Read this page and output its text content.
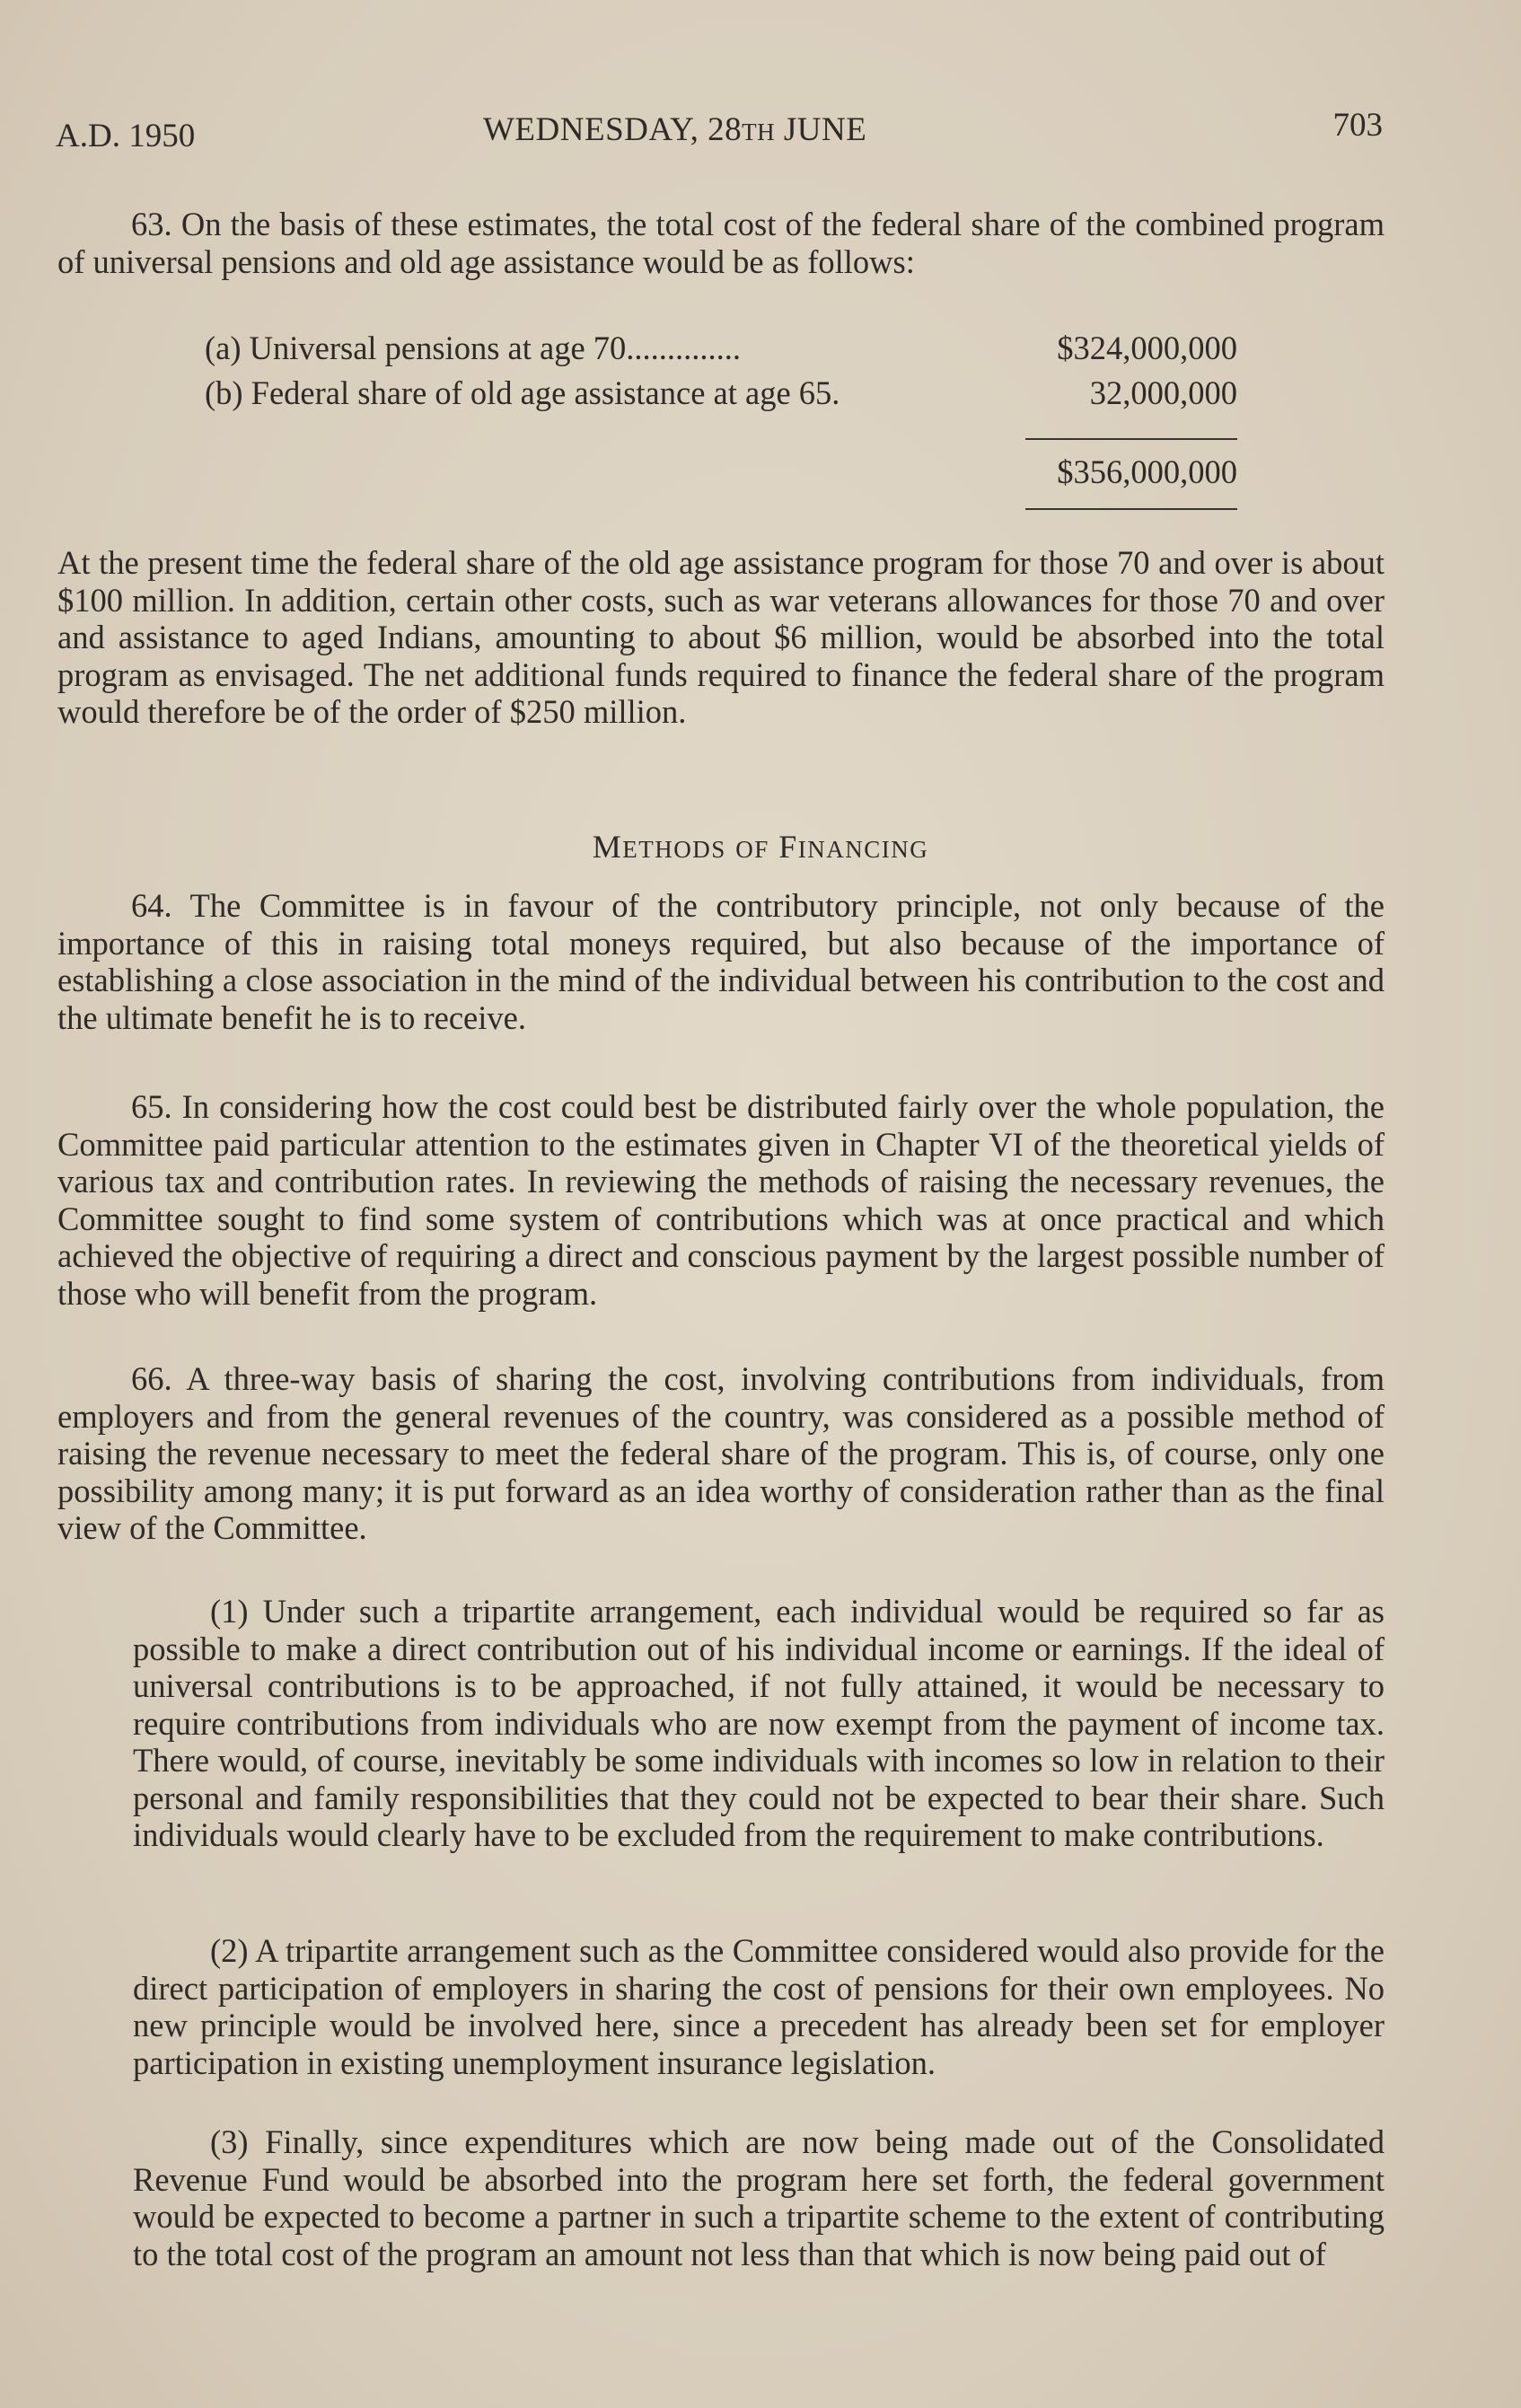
A.D. 1950	WEDNESDAY, 28TH JUNE	703

63. On the basis of these estimates, the total cost of the federal share of the combined program of universal pensions and old age assistance would be as follows:

(a) Universal pensions at age 70..............	$324,000,000
(b) Federal share of old age assistance at age 65.	32,000,000
$356,000,000

At the present time the federal share of the old age assistance program for those 70 and over is about $100 million. In addition, certain other costs, such as war veterans allowances for those 70 and over and assistance to aged Indians, amounting to about $6 million, would be absorbed into the total program as envisaged. The net additional funds required to finance the federal share of the program would therefore be of the order of $250 million.

METHODS OF FINANCING

64. The Committee is in favour of the contributory principle, not only because of the importance of this in raising total moneys required, but also because of the importance of establishing a close association in the mind of the individual between his contribution to the cost and the ultimate benefit he is to receive.

65. In considering how the cost could best be distributed fairly over the whole population, the Committee paid particular attention to the estimates given in Chapter VI of the theoretical yields of various tax and contribution rates. In reviewing the methods of raising the necessary revenues, the Committee sought to find some system of contributions which was at once practical and which achieved the objective of requiring a direct and conscious payment by the largest possible number of those who will benefit from the program.

66. A three-way basis of sharing the cost, involving contributions from individuals, from employers and from the general revenues of the country, was considered as a possible method of raising the revenue necessary to meet the federal share of the program. This is, of course, only one possibility among many; it is put forward as an idea worthy of consideration rather than as the final view of the Committee.

(1) Under such a tripartite arrangement, each individual would be required so far as possible to make a direct contribution out of his individual income or earnings. If the ideal of universal contributions is to be approached, if not fully attained, it would be necessary to require contributions from individuals who are now exempt from the payment of income tax. There would, of course, inevitably be some individuals with incomes so low in relation to their personal and family responsibilities that they could not be expected to bear their share. Such individuals would clearly have to be excluded from the requirement to make contributions.

(2) A tripartite arrangement such as the Committee considered would also provide for the direct participation of employers in sharing the cost of pensions for their own employees. No new principle would be involved here, since a precedent has already been set for employer participation in existing unemployment insurance legislation.

(3) Finally, since expenditures which are now being made out of the Consolidated Revenue Fund would be absorbed into the program here set forth, the federal government would be expected to become a partner in such a tripartite scheme to the extent of contributing to the total cost of the program an amount not less than that which is now being paid out of
